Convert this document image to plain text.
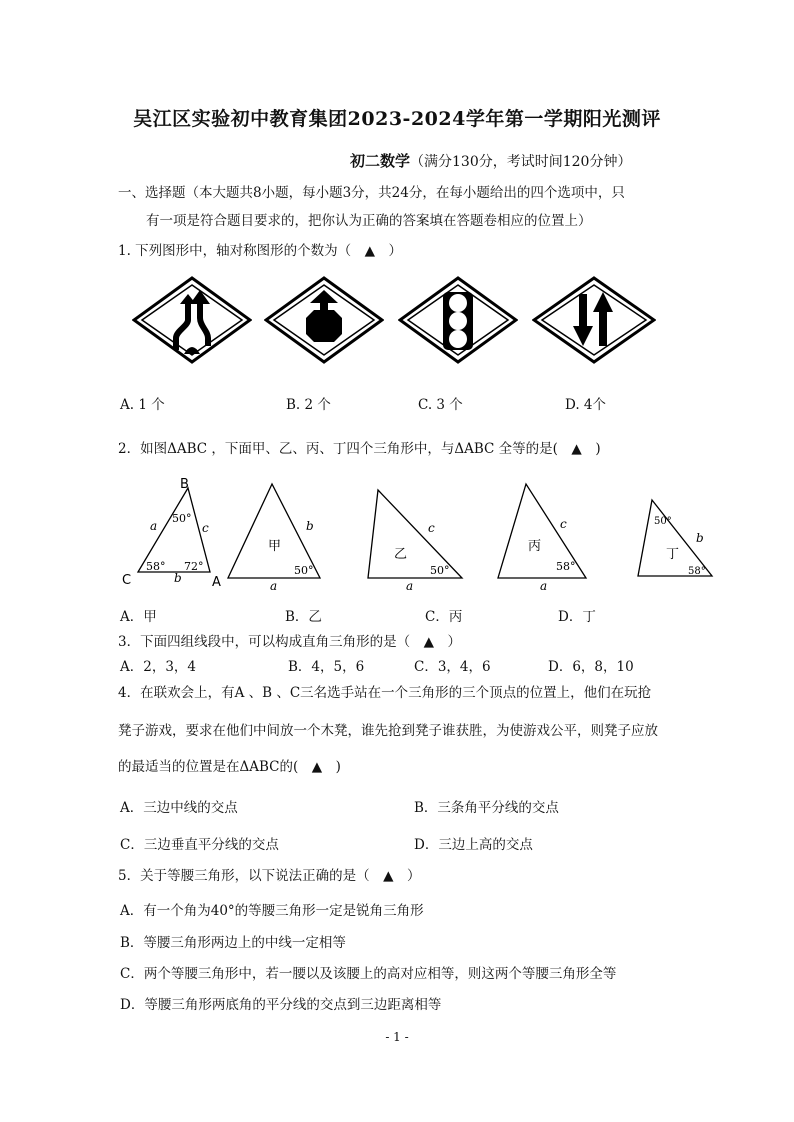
吴江区实验初中教育集团2023-2024学年第一学期阳光测评
初二数学（满分130分，考试时间120分钟）
一、选择题（本大题共8小题，每小题3分，共24分，在每小题给出的四个选项中，只
有一项是符合题目要求的，把你认为正确的答案填在答题卷相应的位置上）
1. 下列图形中，轴对称图形的个数为（　▲　）
A. 1 个	B. 2 个	C. 3 个	D. 4个
2．如图ΔABC ，下面甲、乙、丙、丁四个三角形中，与ΔABC 全等的是(　▲　)
B
C	A
a	c
b
50°
58° 72°
b
a
甲
50°
c
a
乙
50°
c
a
丙
58°
50°
b
丁
58°
A．甲	B．乙	C．丙	D．丁
3．下面四组线段中，可以构成直角三角形的是（　▲　）
A．2，3，4	B．4，5，6	C．3，4，6	D．6，8，10
4．在联欢会上，有A 、B 、C三名选手站在一个三角形的三个顶点的位置上，他们在玩抢
凳子游戏，要求在他们中间放一个木凳，谁先抢到凳子谁获胜，为使游戏公平，则凳子应放
的最适当的位置是在ΔABC的(　▲　)
A．三边中线的交点	B．三条角平分线的交点
C．三边垂直平分线的交点	D．三边上高的交点
5．关于等腰三角形，以下说法正确的是（　▲　）
A．有一个角为40°的等腰三角形一定是锐角三角形
B．等腰三角形两边上的中线一定相等
C．两个等腰三角形中，若一腰以及该腰上的高对应相等，则这两个等腰三角形全等
D．等腰三角形两底角的平分线的交点到三边距离相等
- 1 -
